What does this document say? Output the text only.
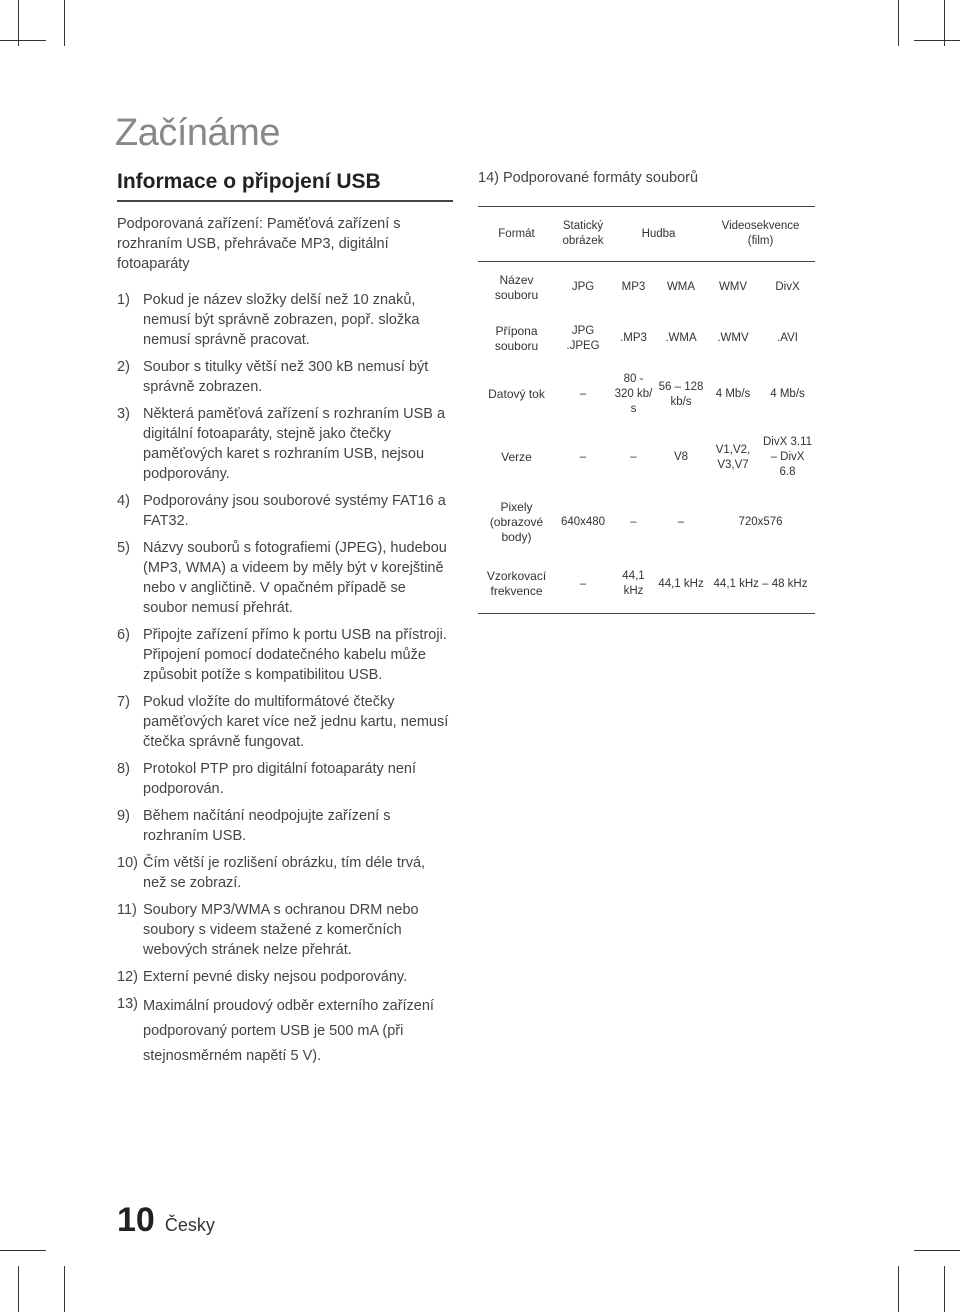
Začínáme
Informace o připojení USB
Podporovaná zařízení: Paměťová zařízení s rozhraním USB, přehrávače MP3, digitální fotoaparáty
1) Pokud je název složky delší než 10 znaků, nemusí být správně zobrazen, popř. složka nemusí správně pracovat.
2) Soubor s titulky větší než 300 kB nemusí být správně zobrazen.
3) Některá paměťová zařízení s rozhraním USB a digitální fotoaparáty, stejně jako čtečky paměťových karet s rozhraním USB, nejsou podporovány.
4) Podporovány jsou souborové systémy FAT16 a FAT32.
5) Názvy souborů s fotografiemi (JPEG), hudebou (MP3, WMA) a videem by měly být v korejštině nebo v angličtině. V opačném případě se soubor nemusí přehrát.
6) Připojte zařízení přímo k portu USB na přístroji. Připojení pomocí dodatečného kabelu může způsobit potíže s kompatibilitou USB.
7) Pokud vložíte do multiformátové čtečky paměťových karet více než jednu kartu, nemusí čtečka správně fungovat.
8) Protokol PTP pro digitální fotoaparáty není podporován.
9) Během načítání neodpojujte zařízení s rozhraním USB.
10) Čím větší je rozlišení obrázku, tím déle trvá, než se zobrazí.
11) Soubory MP3/WMA s ochranou DRM nebo soubory s videem stažené z komerčních webových stránek nelze přehrát.
12) Externí pevné disky nejsou podporovány.
13) Maximální proudový odběr externího zařízení podporovaný portem USB je 500 mA (při stejnosměrném napětí 5 V).
14) Podporované formáty souborů
Formát	Statický obrázek	Hudba		Videosekvence (film)	
Název souboru	JPG	MP3	WMA	WMV	DivX
Přípona souboru	JPG .JPEG	.MP3	.WMA	.WMV	.AVI
Datový tok	–	80 - 320 kb/ s	56 – 128 kb/s	4 Mb/s	4 Mb/s
Verze	–	–	V8	V1,V2, V3,V7	DivX 3.11 – DivX 6.8
Pixely (obrazové body)	640x480	–	–	720x576	
Vzorkovací frekvence	–	44,1 kHz	44,1 kHz	44,1 kHz – 48 kHz	
10 Česky
